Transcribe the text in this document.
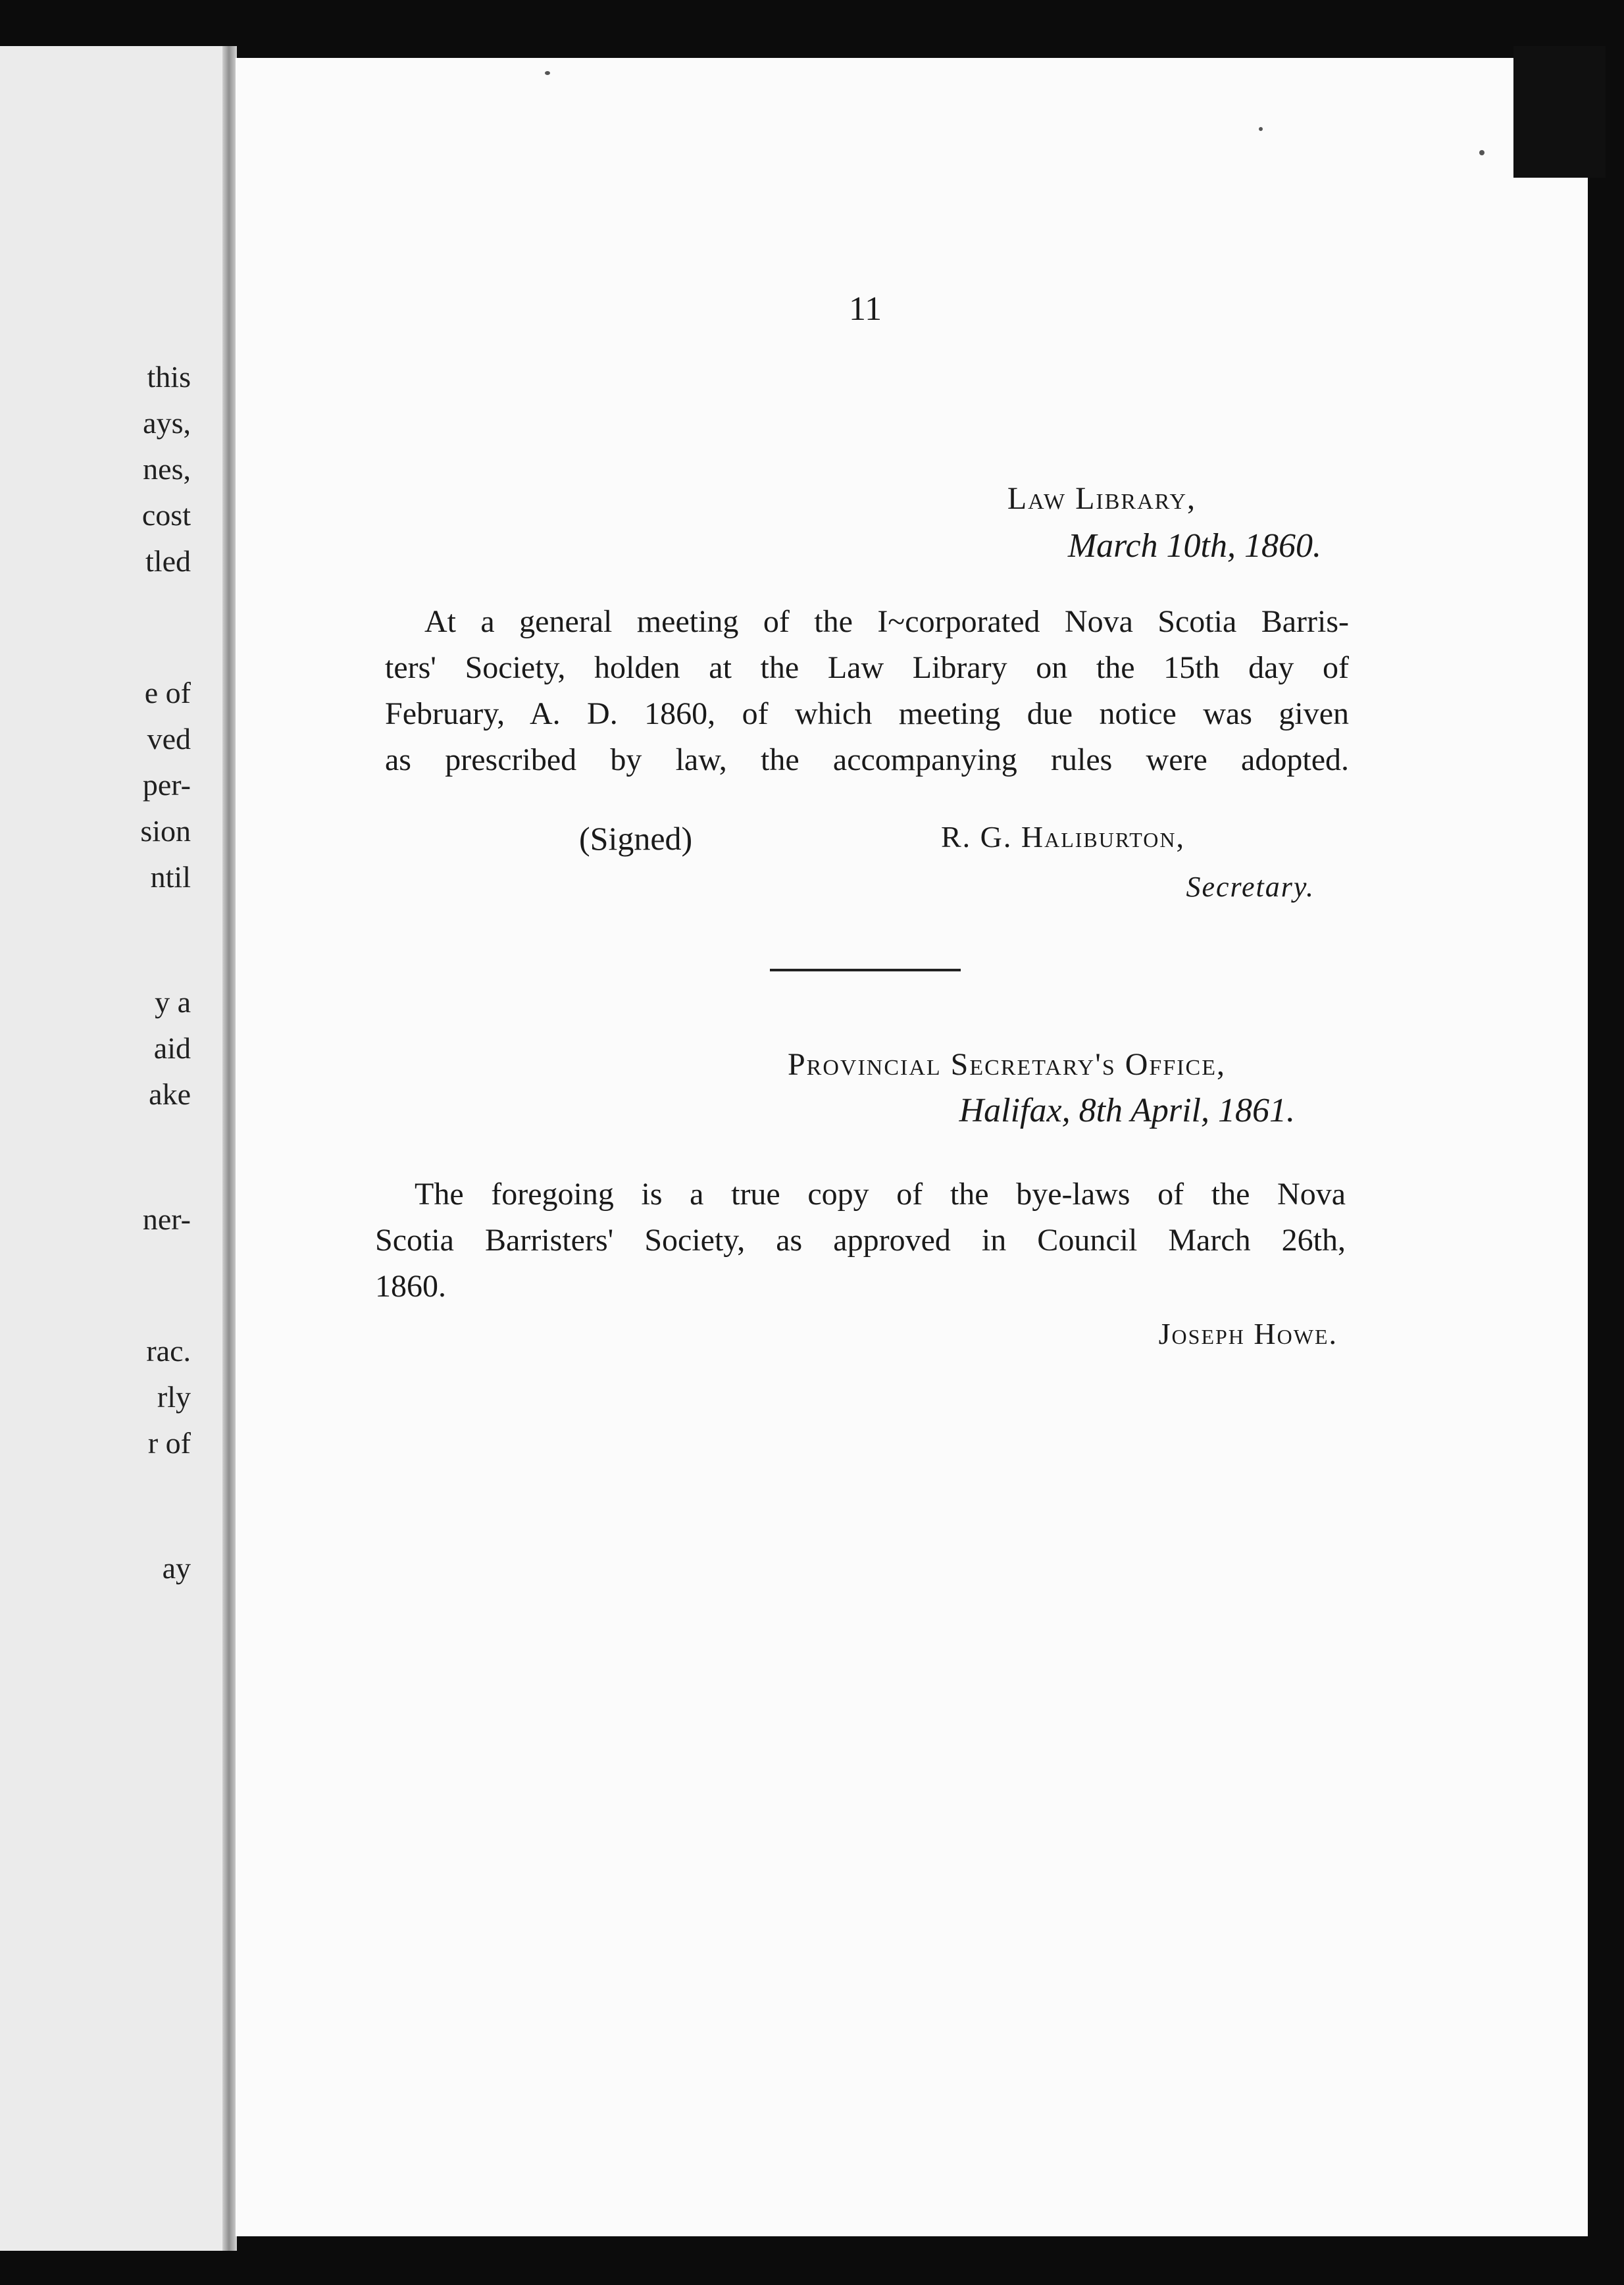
this
ays,
nes,
cost
tled
e of
ved
per-
sion
ntil
y a
aid
ake
ner-
rac.
rly
r of
ay
11
Law Library,
March 10th, 1860.
At a general meeting of the I~corporated Nova Scotia Barris-
ters' Society, holden at the Law Library on the 15th day of
February, A. D. 1860, of which meeting due notice was given
as prescribed by law, the accompanying rules were adopted.
(Signed)	R. G. Haliburton,
Secretary.
Provincial Secretary's Office,
Halifax, 8th April, 1861.
The foregoing is a true copy of the bye-laws of the Nova
Scotia Barristers' Society, as approved in Council March 26th,
1860.
Joseph Howe.
